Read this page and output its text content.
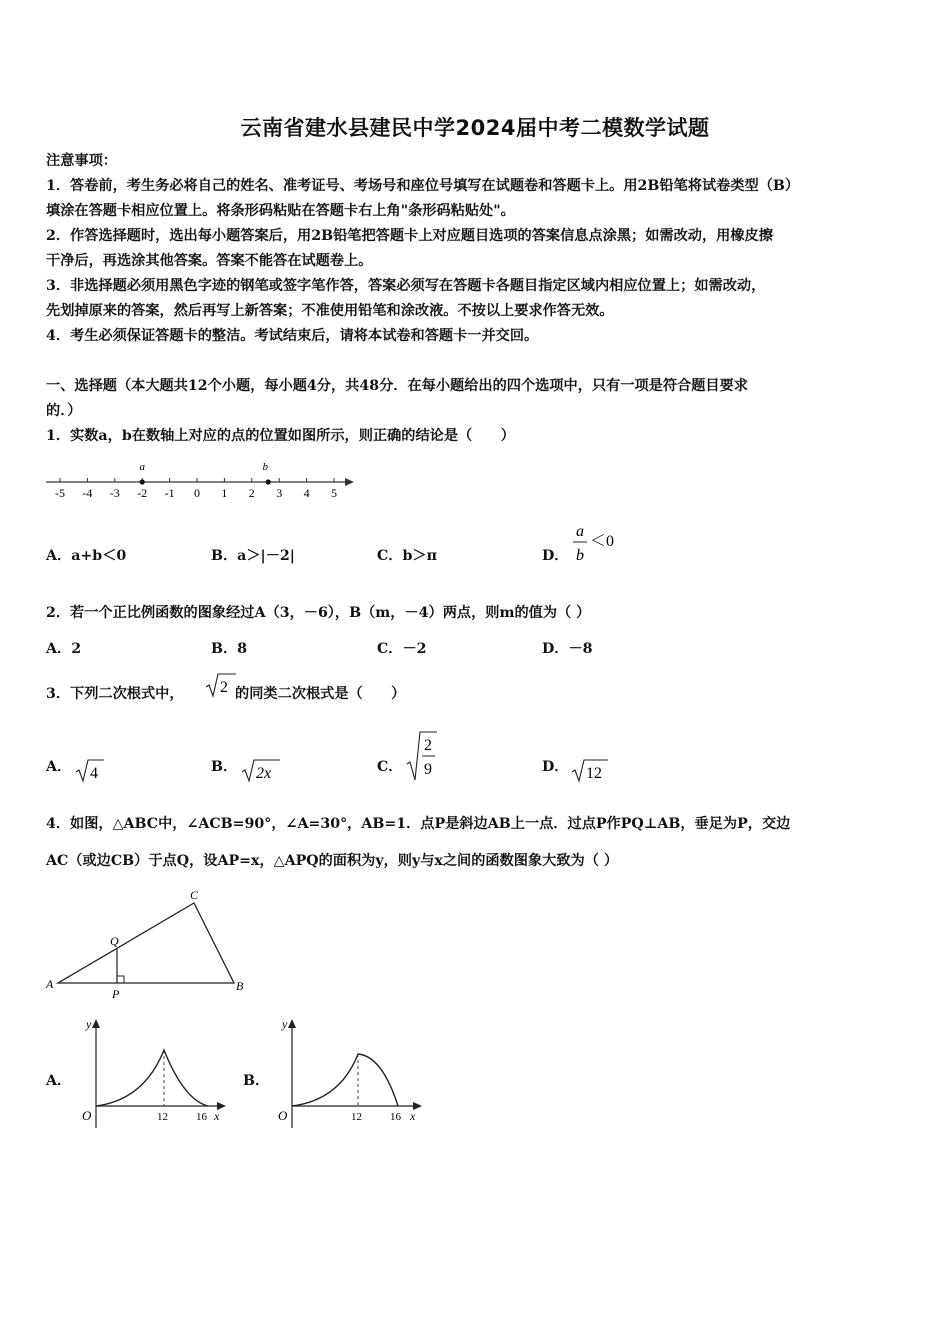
云南省建水县建民中学2024届中考二模数学试题
注意事项：
1．答卷前，考生务必将自己的姓名、准考证号、考场号和座位号填写在试题卷和答题卡上。用2B铅笔将试卷类型（B）
填涂在答题卡相应位置上。将条形码粘贴在答题卡右上角"条形码粘贴处"。
2．作答选择题时，选出每小题答案后，用2B铅笔把答题卡上对应题目选项的答案信息点涂黑；如需改动，用橡皮擦
干净后，再选涂其他答案。答案不能答在试题卷上。
3．非选择题必须用黑色字迹的钢笔或签字笔作答，答案必须写在答题卡各题目指定区域内相应位置上；如需改动，
先划掉原来的答案，然后再写上新答案；不准使用铅笔和涂改液。不按以上要求作答无效。
4．考生必须保证答题卡的整洁。考试结束后，请将本试卷和答题卡一并交回。
一、选择题（本大题共12个小题，每小题4分，共48分．在每小题给出的四个选项中，只有一项是符合题目要求
的．）
1．实数a，b在数轴上对应的点的位置如图所示，则正确的结论是（　　）
-5 -4 -3 -2 -1 0 1 2 3 4 5
a	b
A．a+b＜0	B．a＞|－2|	C．b＞π	D．
a
b
＜0
2．若一个正比例函数的图象经过A（3，－6），B（m，－4）两点，则m的值为（ ）
A．2	B．8	C．－2	D．－8
3．下列二次根式中， 2 的同类二次根式是（　　）
A． 4	B． 2x	C．
2
9	D． 12
4．如图，△ABC中，∠ACB=90°，∠A=30°，AB=1．点P是斜边AB上一点．过点P作PQ⊥AB，垂足为P，交边
AC（或边CB）于点Q，设AP=x，△APQ的面积为y，则y与x之间的函数图象大致为（ ）
A	B
C
P
Q
A．
y
x
O	12	16
B．
y
x
O	12	16
